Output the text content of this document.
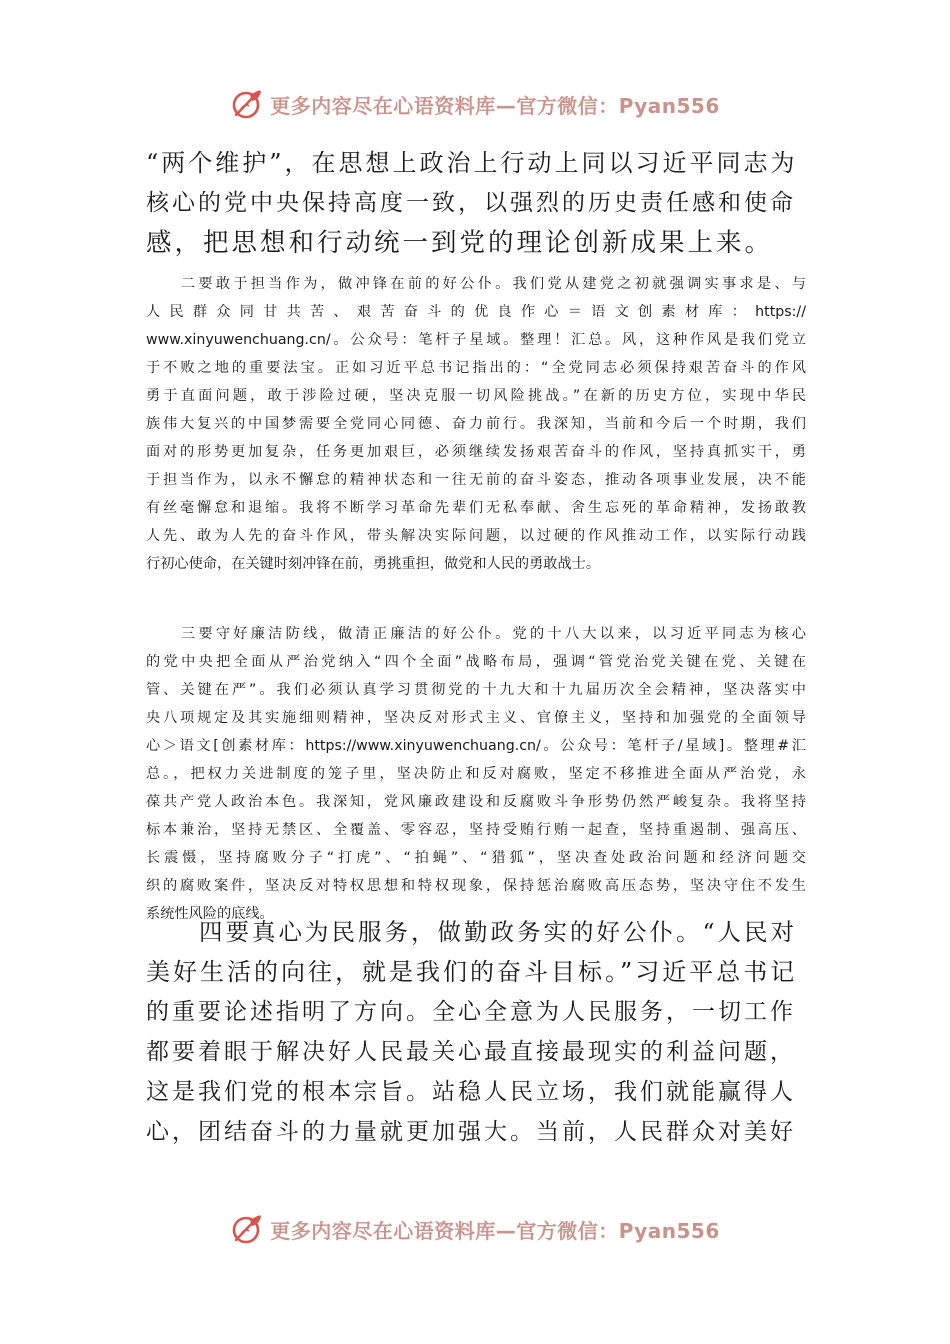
更多内容尽在心语资料库—官方微信：Pyan556
“两个维护”，在思想上政治上行动上同以习近平同志为
核心的党中央保持高度一致，以强烈的历史责任感和使命
感，把思想和行动统一到党的理论创新成果上来。
　　二要敢于担当作为，做冲锋在前的好公仆。我们党从建党之初就强调实事求是、与
人民群众同甘共苦、艰苦奋斗的优良作心＝语文创素材库：https://
www.xinyuwenchuang.cn/。公众号：笔杆子星域。整理！汇总。风，这种作风是我们党立
于不败之地的重要法宝。正如习近平总书记指出的：“全党同志必须保持艰苦奋斗的作风
勇于直面问题，敢于涉险过硬，坚决克服一切风险挑战。”在新的历史方位，实现中华民
族伟大复兴的中国梦需要全党同心同德、奋力前行。我深知，当前和今后一个时期，我们
面对的形势更加复杂，任务更加艰巨，必须继续发扬艰苦奋斗的作风，坚持真抓实干，勇
于担当作为，以永不懈怠的精神状态和一往无前的奋斗姿态，推动各项事业发展，决不能
有丝毫懈怠和退缩。我将不断学习革命先辈们无私奉献、舍生忘死的革命精神，发扬敢教
人先、敢为人先的奋斗作风，带头解决实际问题，以过硬的作风推动工作，以实际行动践
行初心使命，在关键时刻冲锋在前，勇挑重担，做党和人民的勇敢战士。
　　三要守好廉洁防线，做清正廉洁的好公仆。党的十八大以来，以习近平同志为核心
的党中央把全面从严治党纳入“四个全面”战略布局，强调“管党治党关键在党、关键在
管、关键在严”。我们必须认真学习贯彻党的十九大和十九届历次全会精神，坚决落实中
央八项规定及其实施细则精神，坚决反对形式主义、官僚主义，坚持和加强党的全面领导
心＞语文[创素材库：https://www.xinyuwenchuang.cn/。公众号：笔杆子/星域]。整理#汇
总。，把权力关进制度的笼子里，坚决防止和反对腐败，坚定不移推进全面从严治党，永
葆共产党人政治本色。我深知，党风廉政建设和反腐败斗争形势仍然严峻复杂。我将坚持
标本兼治，坚持无禁区、全覆盖、零容忍，坚持受贿行贿一起查，坚持重遏制、强高压、
长震慑，坚持腐败分子“打虎”、“拍蝇”、“猎狐”，坚决查处政治问题和经济问题交
织的腐败案件，坚决反对特权思想和特权现象，保持惩治腐败高压态势，坚决守住不发生
系统性风险的底线。
　　四要真心为民服务，做勤政务实的好公仆。“人民对
美好生活的向往，就是我们的奋斗目标。”习近平总书记
的重要论述指明了方向。全心全意为人民服务，一切工作
都要着眼于解决好人民最关心最直接最现实的利益问题，
这是我们党的根本宗旨。站稳人民立场，我们就能赢得人
心，团结奋斗的力量就更加强大。当前，人民群众对美好
更多内容尽在心语资料库—官方微信：Pyan556
